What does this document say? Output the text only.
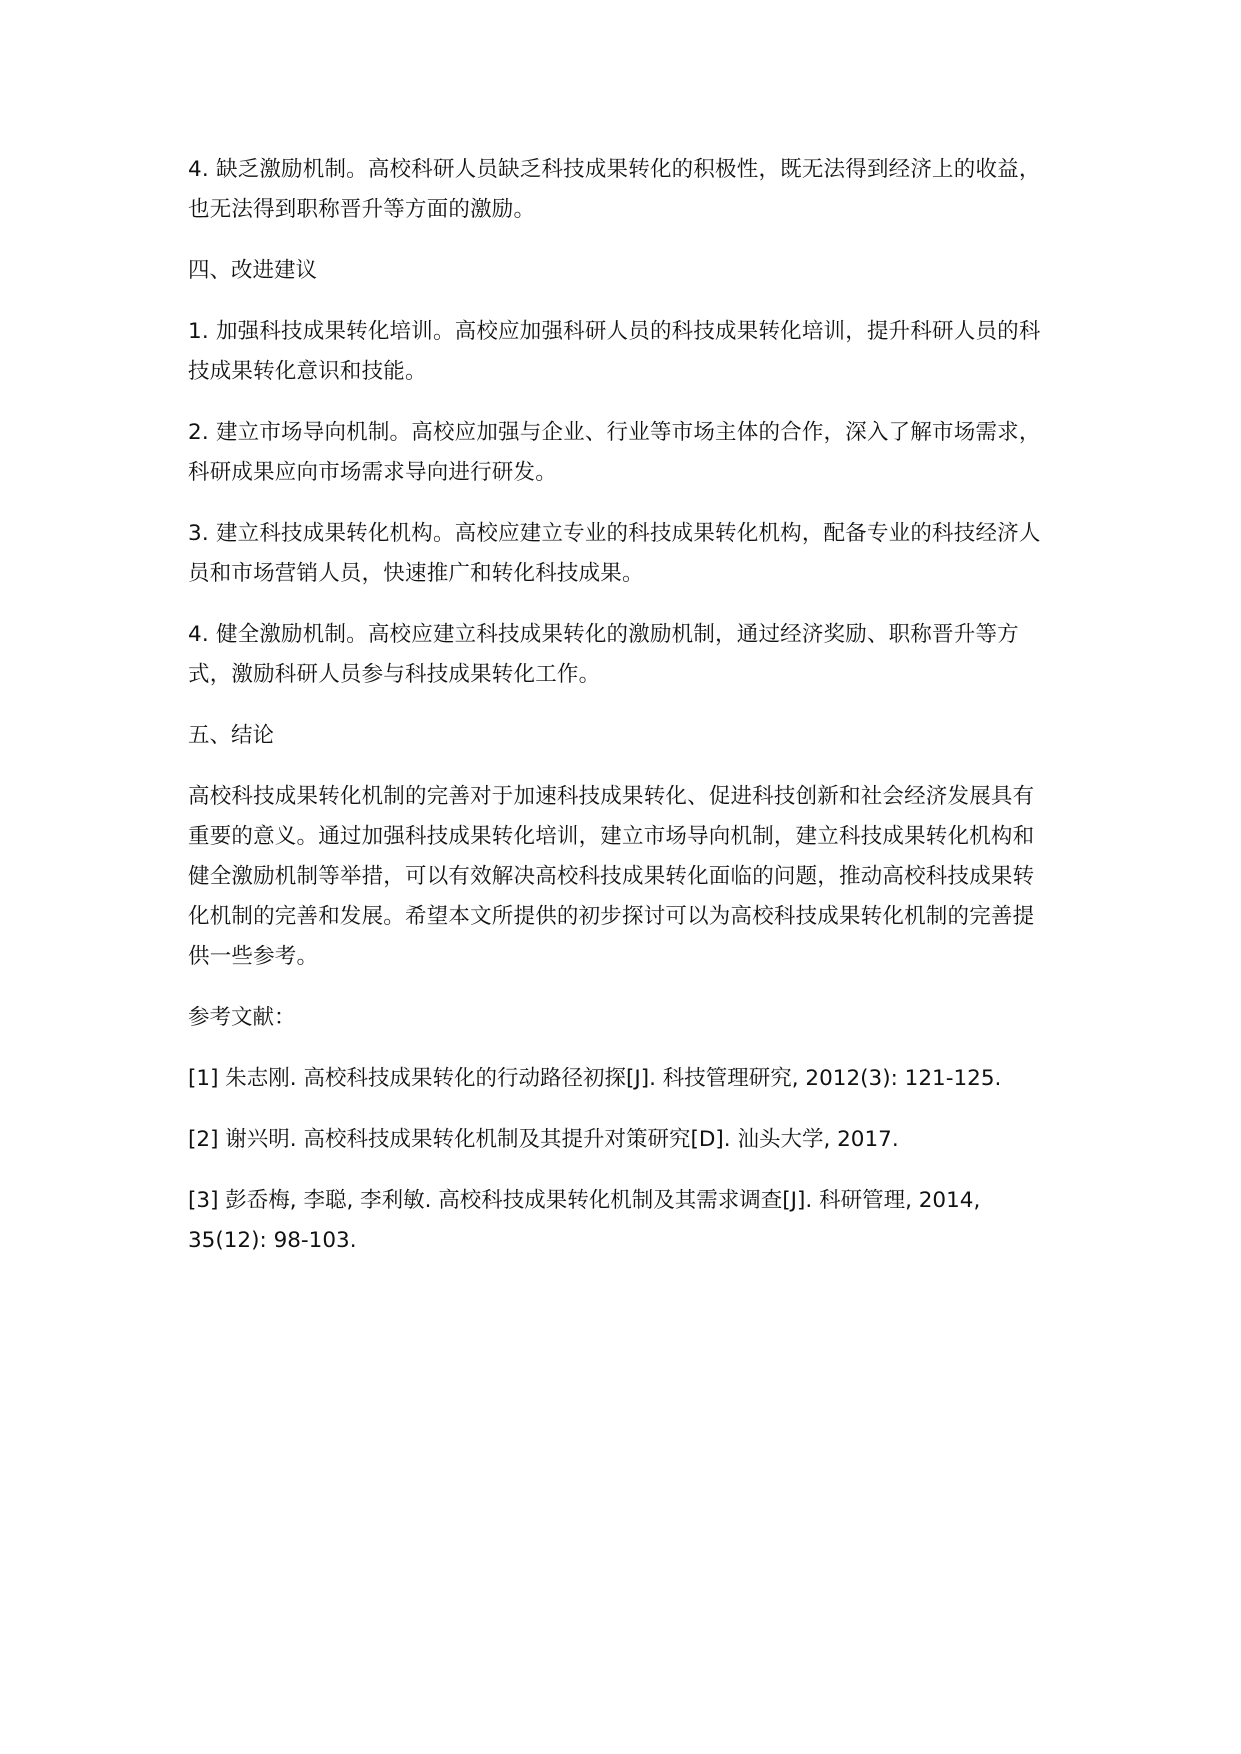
4. 缺乏激励机制。高校科研人员缺乏科技成果转化的积极性，既无法得到经济上的收益，也无法得到职称晋升等方面的激励。

四、改进建议

1. 加强科技成果转化培训。高校应加强科研人员的科技成果转化培训，提升科研人员的科技成果转化意识和技能。

2. 建立市场导向机制。高校应加强与企业、行业等市场主体的合作，深入了解市场需求，科研成果应向市场需求导向进行研发。

3. 建立科技成果转化机构。高校应建立专业的科技成果转化机构，配备专业的科技经济人员和市场营销人员，快速推广和转化科技成果。

4. 健全激励机制。高校应建立科技成果转化的激励机制，通过经济奖励、职称晋升等方式，激励科研人员参与科技成果转化工作。

五、结论

高校科技成果转化机制的完善对于加速科技成果转化、促进科技创新和社会经济发展具有重要的意义。通过加强科技成果转化培训，建立市场导向机制，建立科技成果转化机构和健全激励机制等举措，可以有效解决高校科技成果转化面临的问题，推动高校科技成果转化机制的完善和发展。希望本文所提供的初步探讨可以为高校科技成果转化机制的完善提供一些参考。

参考文献：

[1] 朱志刚. 高校科技成果转化的行动路径初探[J]. 科技管理研究, 2012(3): 121-125.

[2] 谢兴明. 高校科技成果转化机制及其提升对策研究[D]. 汕头大学, 2017.

[3] 彭岙梅, 李聪, 李利敏. 高校科技成果转化机制及其需求调查[J]. 科研管理, 2014, 35(12): 98-103.
